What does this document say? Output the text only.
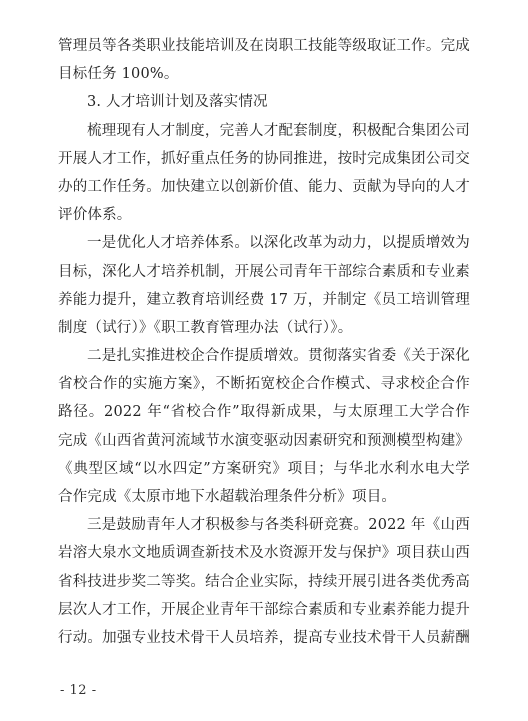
管理员等各类职业技能培训及在岗职工技能等级取证工作。完成
目标任务 100%。
3. 人才培训计划及落实情况
梳理现有人才制度，完善人才配套制度，积极配合集团公司
开展人才工作，抓好重点任务的协同推进，按时完成集团公司交
办的工作任务。加快建立以创新价值、能力、贡献为导向的人才
评价体系。
一是优化人才培养体系。以深化改革为动力，以提质增效为
目标，深化人才培养机制，开展公司青年干部综合素质和专业素
养能力提升，建立教育培训经费 17 万，并制定《员工培训管理
制度（试行）》《职工教育管理办法（试行）》。
二是扎实推进校企合作提质增效。贯彻落实省委《关于深化
省校合作的实施方案》，不断拓宽校企合作模式、寻求校企合作
路径。2022 年“省校合作”取得新成果，与太原理工大学合作
完成《山西省黄河流域节水演变驱动因素研究和预测模型构建》
《典型区域“以水四定”方案研究》项目；与华北水利水电大学
合作完成《太原市地下水超载治理条件分析》项目。
三是鼓励青年人才积极参与各类科研竞赛。2022 年《山西
岩溶大泉水文地质调查新技术及水资源开发与保护》项目获山西
省科技进步奖二等奖。结合企业实际，持续开展引进各类优秀高
层次人才工作，开展企业青年干部综合素质和专业素养能力提升
行动。加强专业技术骨干人员培养，提高专业技术骨干人员薪酬
- 12 -
